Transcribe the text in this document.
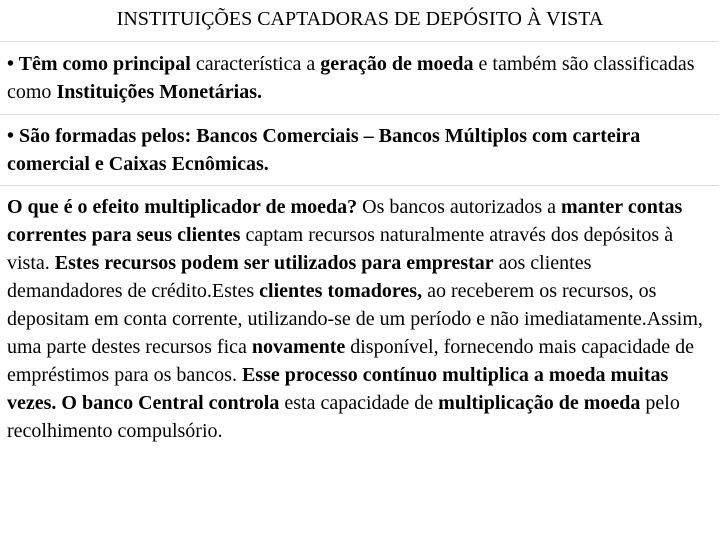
INSTITUIÇÕES CAPTADORAS DE DEPÓSITO À VISTA

• Têm como principal característica a geração de moeda e também são classificadas como Instituições Monetárias.

• São formadas pelos: Bancos Comerciais – Bancos Múltiplos com carteira comercial e Caixas Ecnômicas.

O que é o efeito multiplicador de moeda? Os bancos autorizados a manter contas correntes para seus clientes captam recursos naturalmente através dos depósitos à vista. Estes recursos podem ser utilizados para emprestar aos clientes demandadores de crédito.Estes clientes tomadores, ao receberem os recursos, os depositam em conta corrente, utilizando-se de um período e não imediatamente.Assim, uma parte destes recursos fica novamente disponível, fornecendo mais capacidade de empréstimos para os bancos. Esse processo contínuo multiplica a moeda muitas vezes. O banco Central controla esta capacidade de multiplicação de moeda pelo recolhimento compulsório.
